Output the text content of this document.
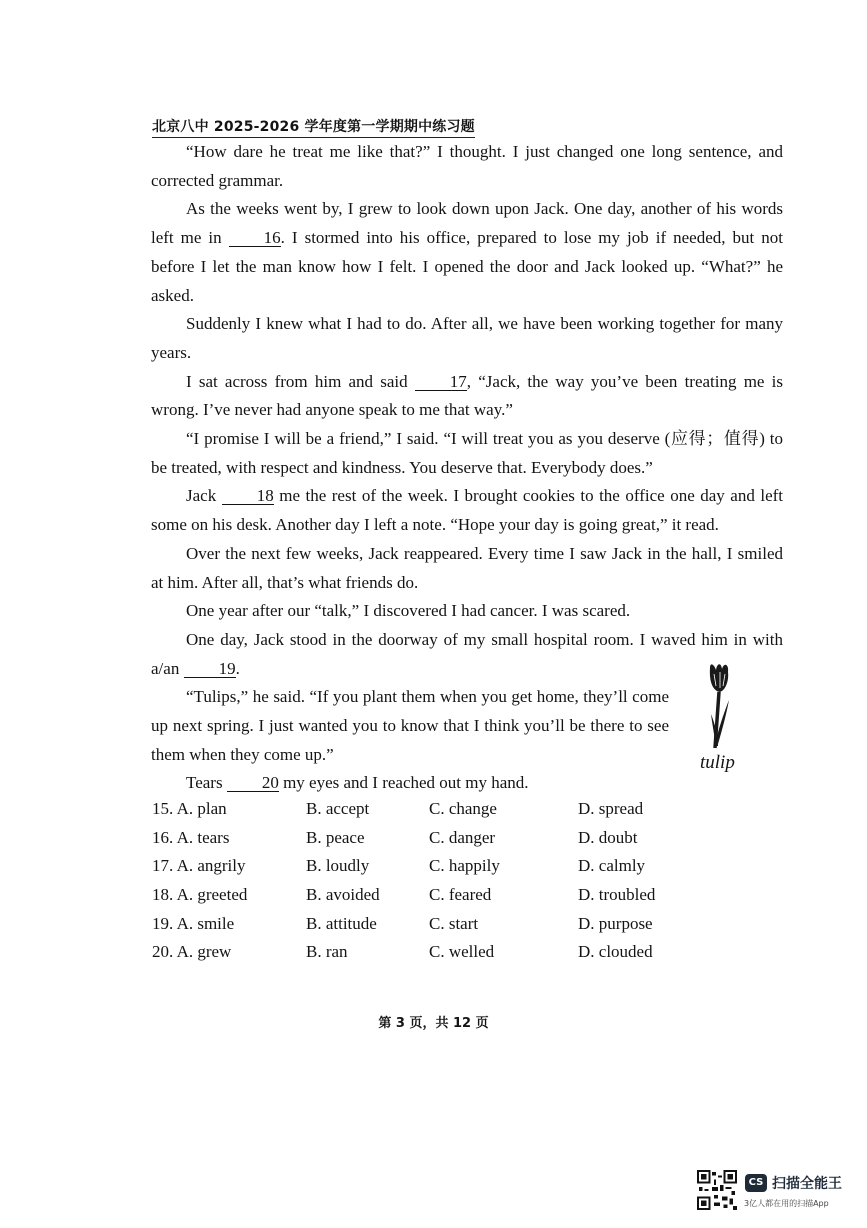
北京八中 2025-2026 学年度第一学期期中练习题

“How dare he treat me like that?” I thought. I just changed one long sentence, and corrected grammar.

As the weeks went by, I grew to look down upon Jack. One day, another of his words left me in 16. I stormed into his office, prepared to lose my job if needed, but not before I let the man know how I felt. I opened the door and Jack looked up. “What?” he asked.

Suddenly I knew what I had to do. After all, we have been working together for many years.

I sat across from him and said 17, “Jack, the way you’ve been treating me is wrong. I’ve never had anyone speak to me that way.”

“I promise I will be a friend,” I said. “I will treat you as you deserve (应得；值得) to be treated, with respect and kindness. You deserve that. Everybody does.”

Jack 18 me the rest of the week. I brought cookies to the office one day and left some on his desk. Another day I left a note. “Hope your day is going great,” it read.

Over the next few weeks, Jack reappeared. Every time I saw Jack in the hall, I smiled at him. After all, that’s what friends do.

One year after our “talk,” I discovered I had cancer. I was scared.

One day, Jack stood in the doorway of my small hospital room. I waved him in with a/an 19.

“Tulips,” he said. “If you plant them when you get home, they’ll come up next spring. I just wanted you to know that I think you’ll be there to see them when they come up.”

Tears 20 my eyes and I reached out my hand.

tulip
15. A. plan	B. accept	C. change	D. spread
16. A. tears	B. peace	C. danger	D. doubt
17. A. angrily	B. loudly	C. happily	D. calmly
18. A. greeted	B. avoided	C. feared	D. troubled
19. A. smile	B. attitude	C. start	D. purpose
20. A. grew	B. ran	C. welled	D. clouded
第 3 页，共 12 页
CS 扫描全能王
3亿人都在用的扫描App
